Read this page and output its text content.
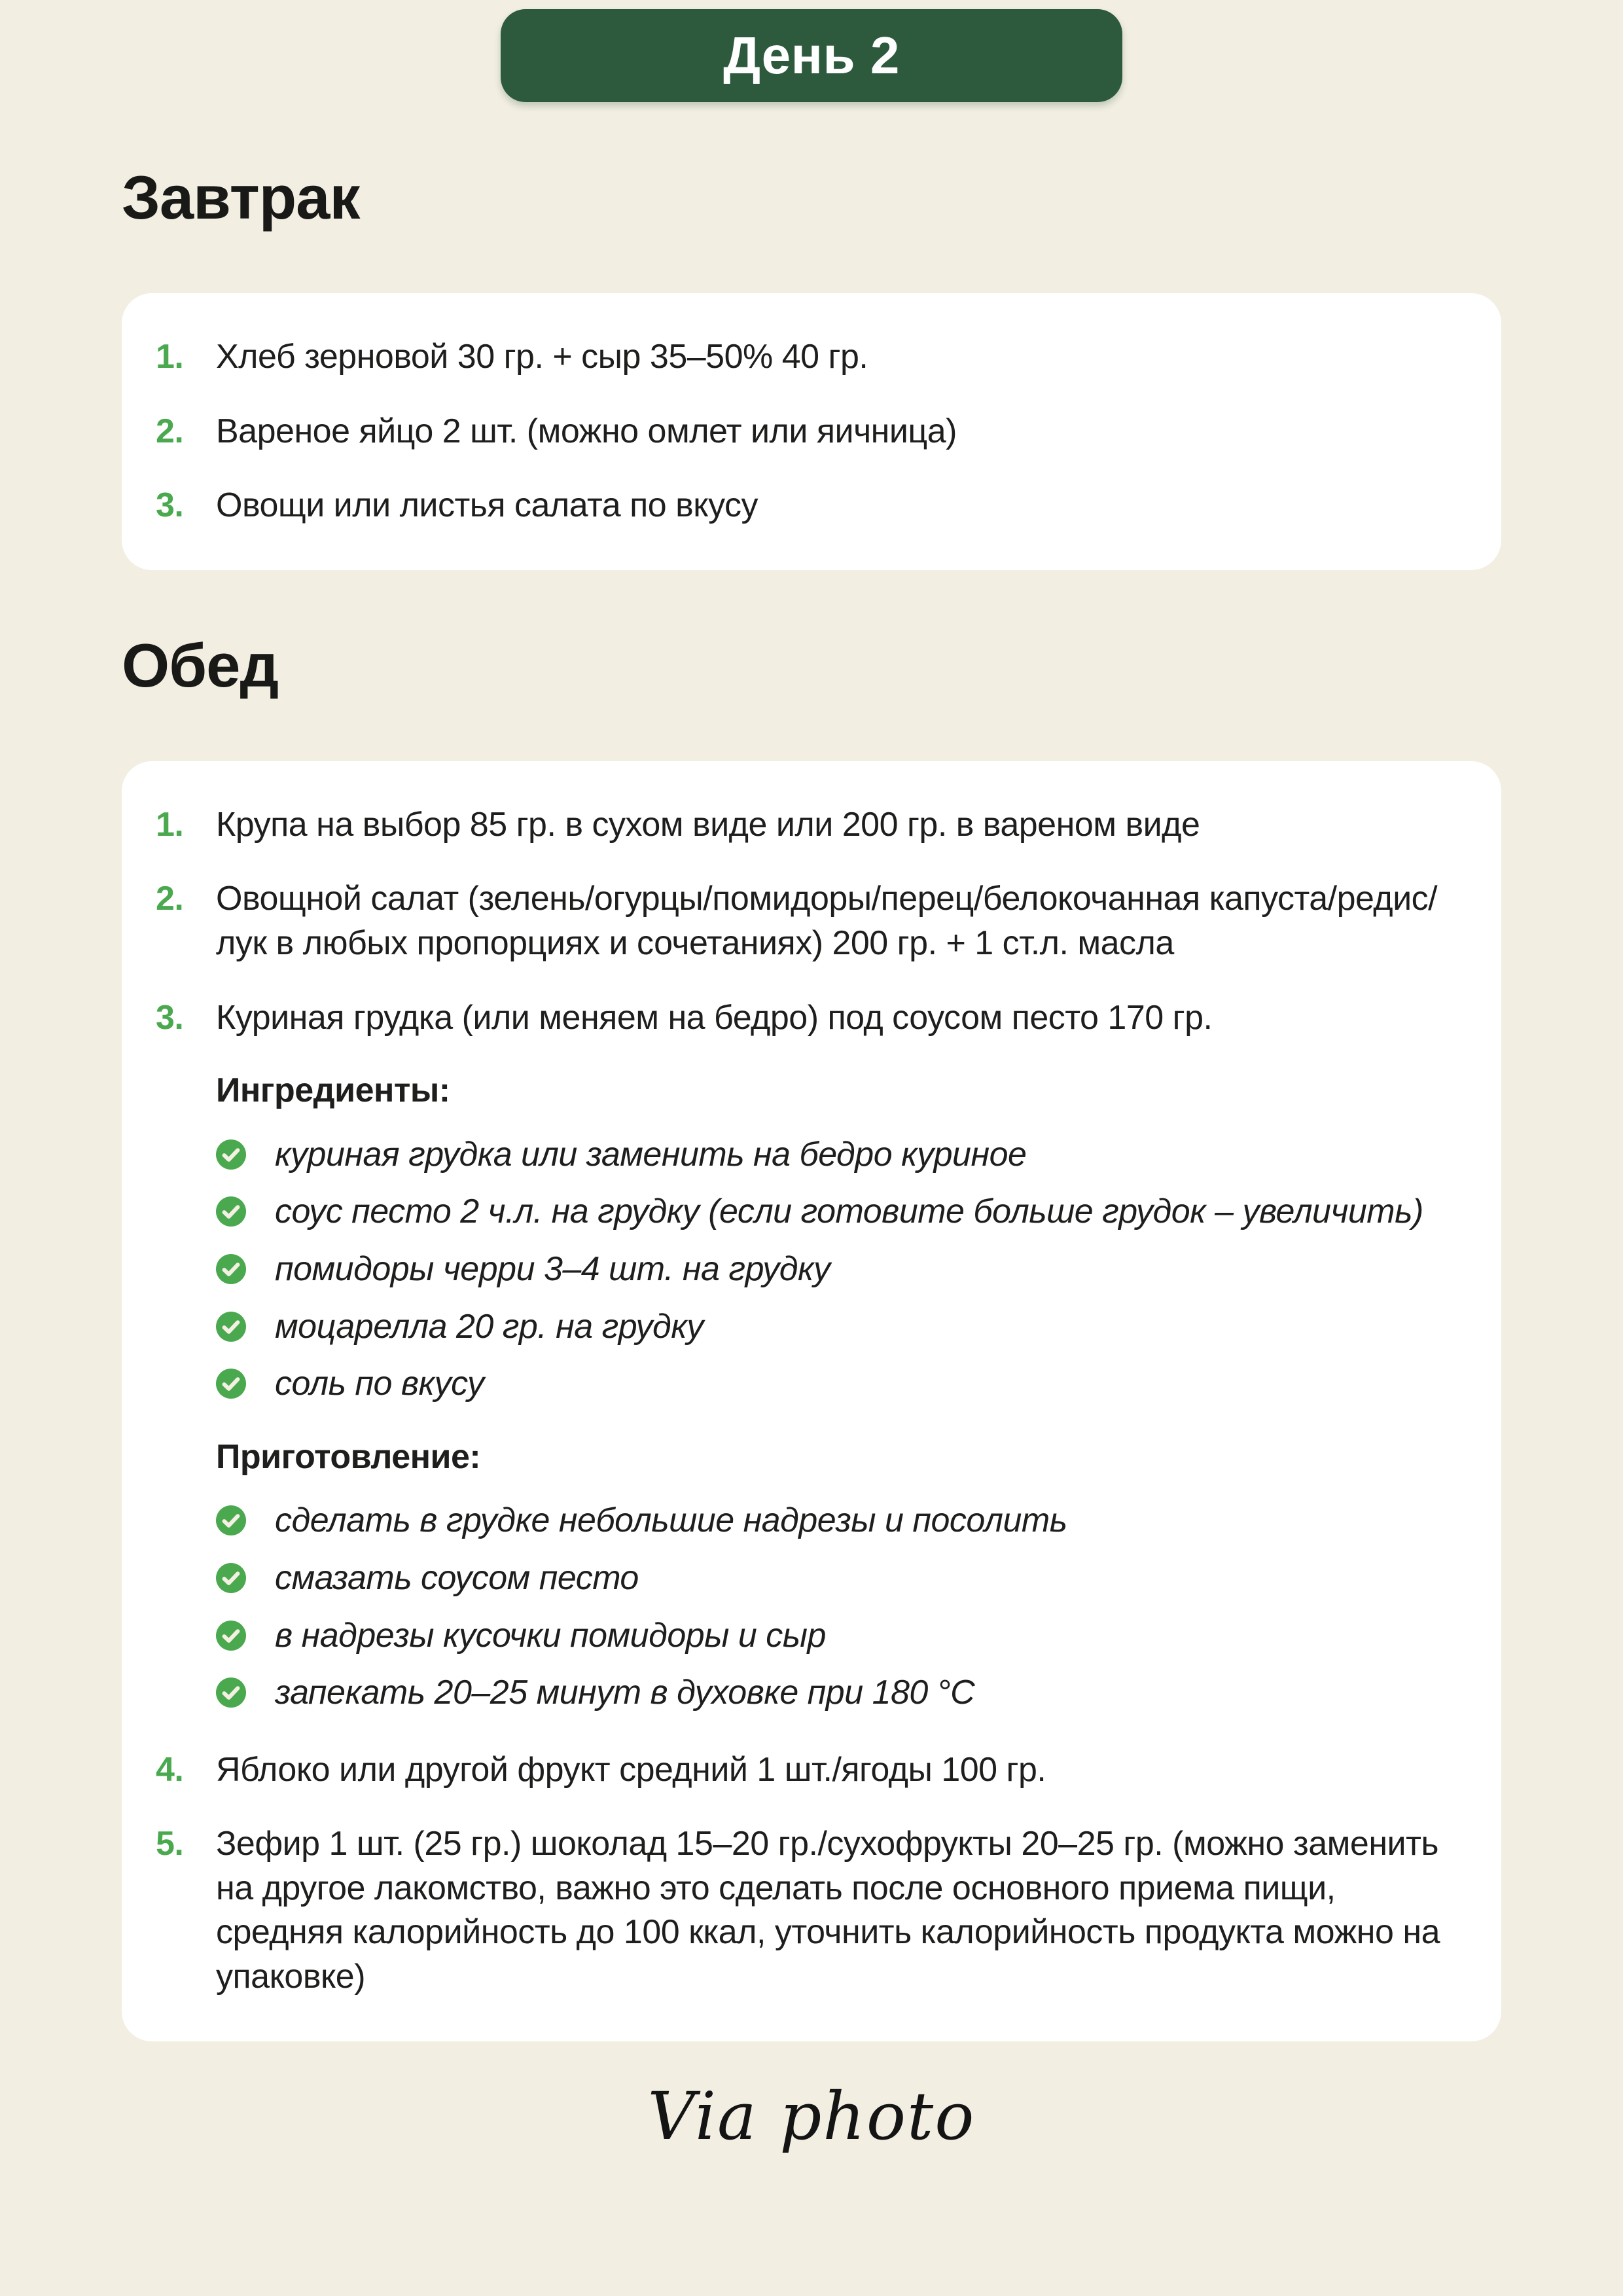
День 2
Завтрак
1. Хлеб зерновой 30 гр. + сыр 35–50% 40 гр.
2. Вареное яйцо 2 шт. (можно омлет или яичница)
3. Овощи или листья салата по вкусу
Обед
1. Крупа на выбор 85 гр. в сухом виде или 200 гр. в вареном виде
2. Овощной салат (зелень/огурцы/помидоры/перец/белокочанная капуста/редис/лук в любых пропорциях и сочетаниях) 200 гр. + 1 ст.л. масла
3. Куриная грудка (или меняем на бедро) под соусом песто 170 гр.
Ингредиенты:
куриная грудка или заменить на бедро куриное
соус песто 2 ч.л. на грудку (если готовите больше грудок – увеличить)
помидоры черри 3–4 шт. на грудку
моцарелла 20 гр. на грудку
соль по вкусу
Приготовление:
сделать в грудке небольшие надрезы и посолить
смазать соусом песто
в надрезы кусочки помидоры и сыр
запекать 20–25 минут в духовке при 180 °C
4. Яблоко или другой фрукт средний 1 шт./ягоды 100 гр.
5. Зефир 1 шт. (25 гр.) шоколад 15–20 гр./сухофрукты 20–25 гр. (можно заменить на другое лакомство, важно это сделать после основного приема пищи, средняя калорийность до 100 ккал, уточнить калорийность продукта можно на упаковке)
Via photo
